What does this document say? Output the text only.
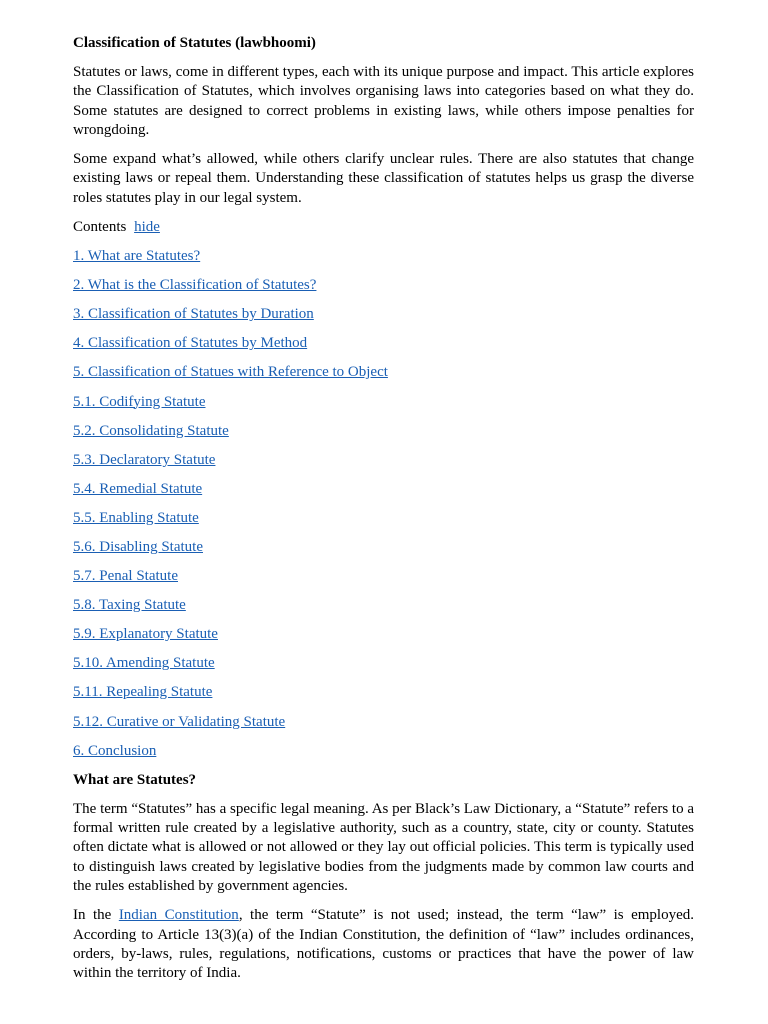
Classification of Statutes (lawbhoomi)

Statutes or laws, come in different types, each with its unique purpose and impact. This article explores the Classification of Statutes, which involves organising laws into categories based on what they do. Some statutes are designed to correct problems in existing laws, while others impose penalties for wrongdoing.

Some expand what’s allowed, while others clarify unclear rules. There are also statutes that change existing laws or repeal them. Understanding these classification of statutes helps us grasp the diverse roles statutes play in our legal system.

Contents hide
1. What are Statutes?
2. What is the Classification of Statutes?
3. Classification of Statutes by Duration
4. Classification of Statutes by Method
5. Classification of Statues with Reference to Object
5.1. Codifying Statute
5.2. Consolidating Statute
5.3. Declaratory Statute
5.4. Remedial Statute
5.5. Enabling Statute
5.6. Disabling Statute
5.7. Penal Statute
5.8. Taxing Statute
5.9. Explanatory Statute
5.10. Amending Statute
5.11. Repealing Statute
5.12. Curative or Validating Statute
6. Conclusion
What are Statutes?

The term “Statutes” has a specific legal meaning. As per Black’s Law Dictionary, a “Statute” refers to a formal written rule created by a legislative authority, such as a country, state, city or county. Statutes often dictate what is allowed or not allowed or they lay out official policies. This term is typically used to distinguish laws created by legislative bodies from the judgments made by common law courts and the rules established by government agencies.

In the Indian Constitution, the term “Statute” is not used; instead, the term “law” is employed. According to Article 13(3)(a) of the Indian Constitution, the definition of “law” includes ordinances, orders, by-laws, rules, regulations, notifications, customs or practices that have the power of law within the territory of India.
